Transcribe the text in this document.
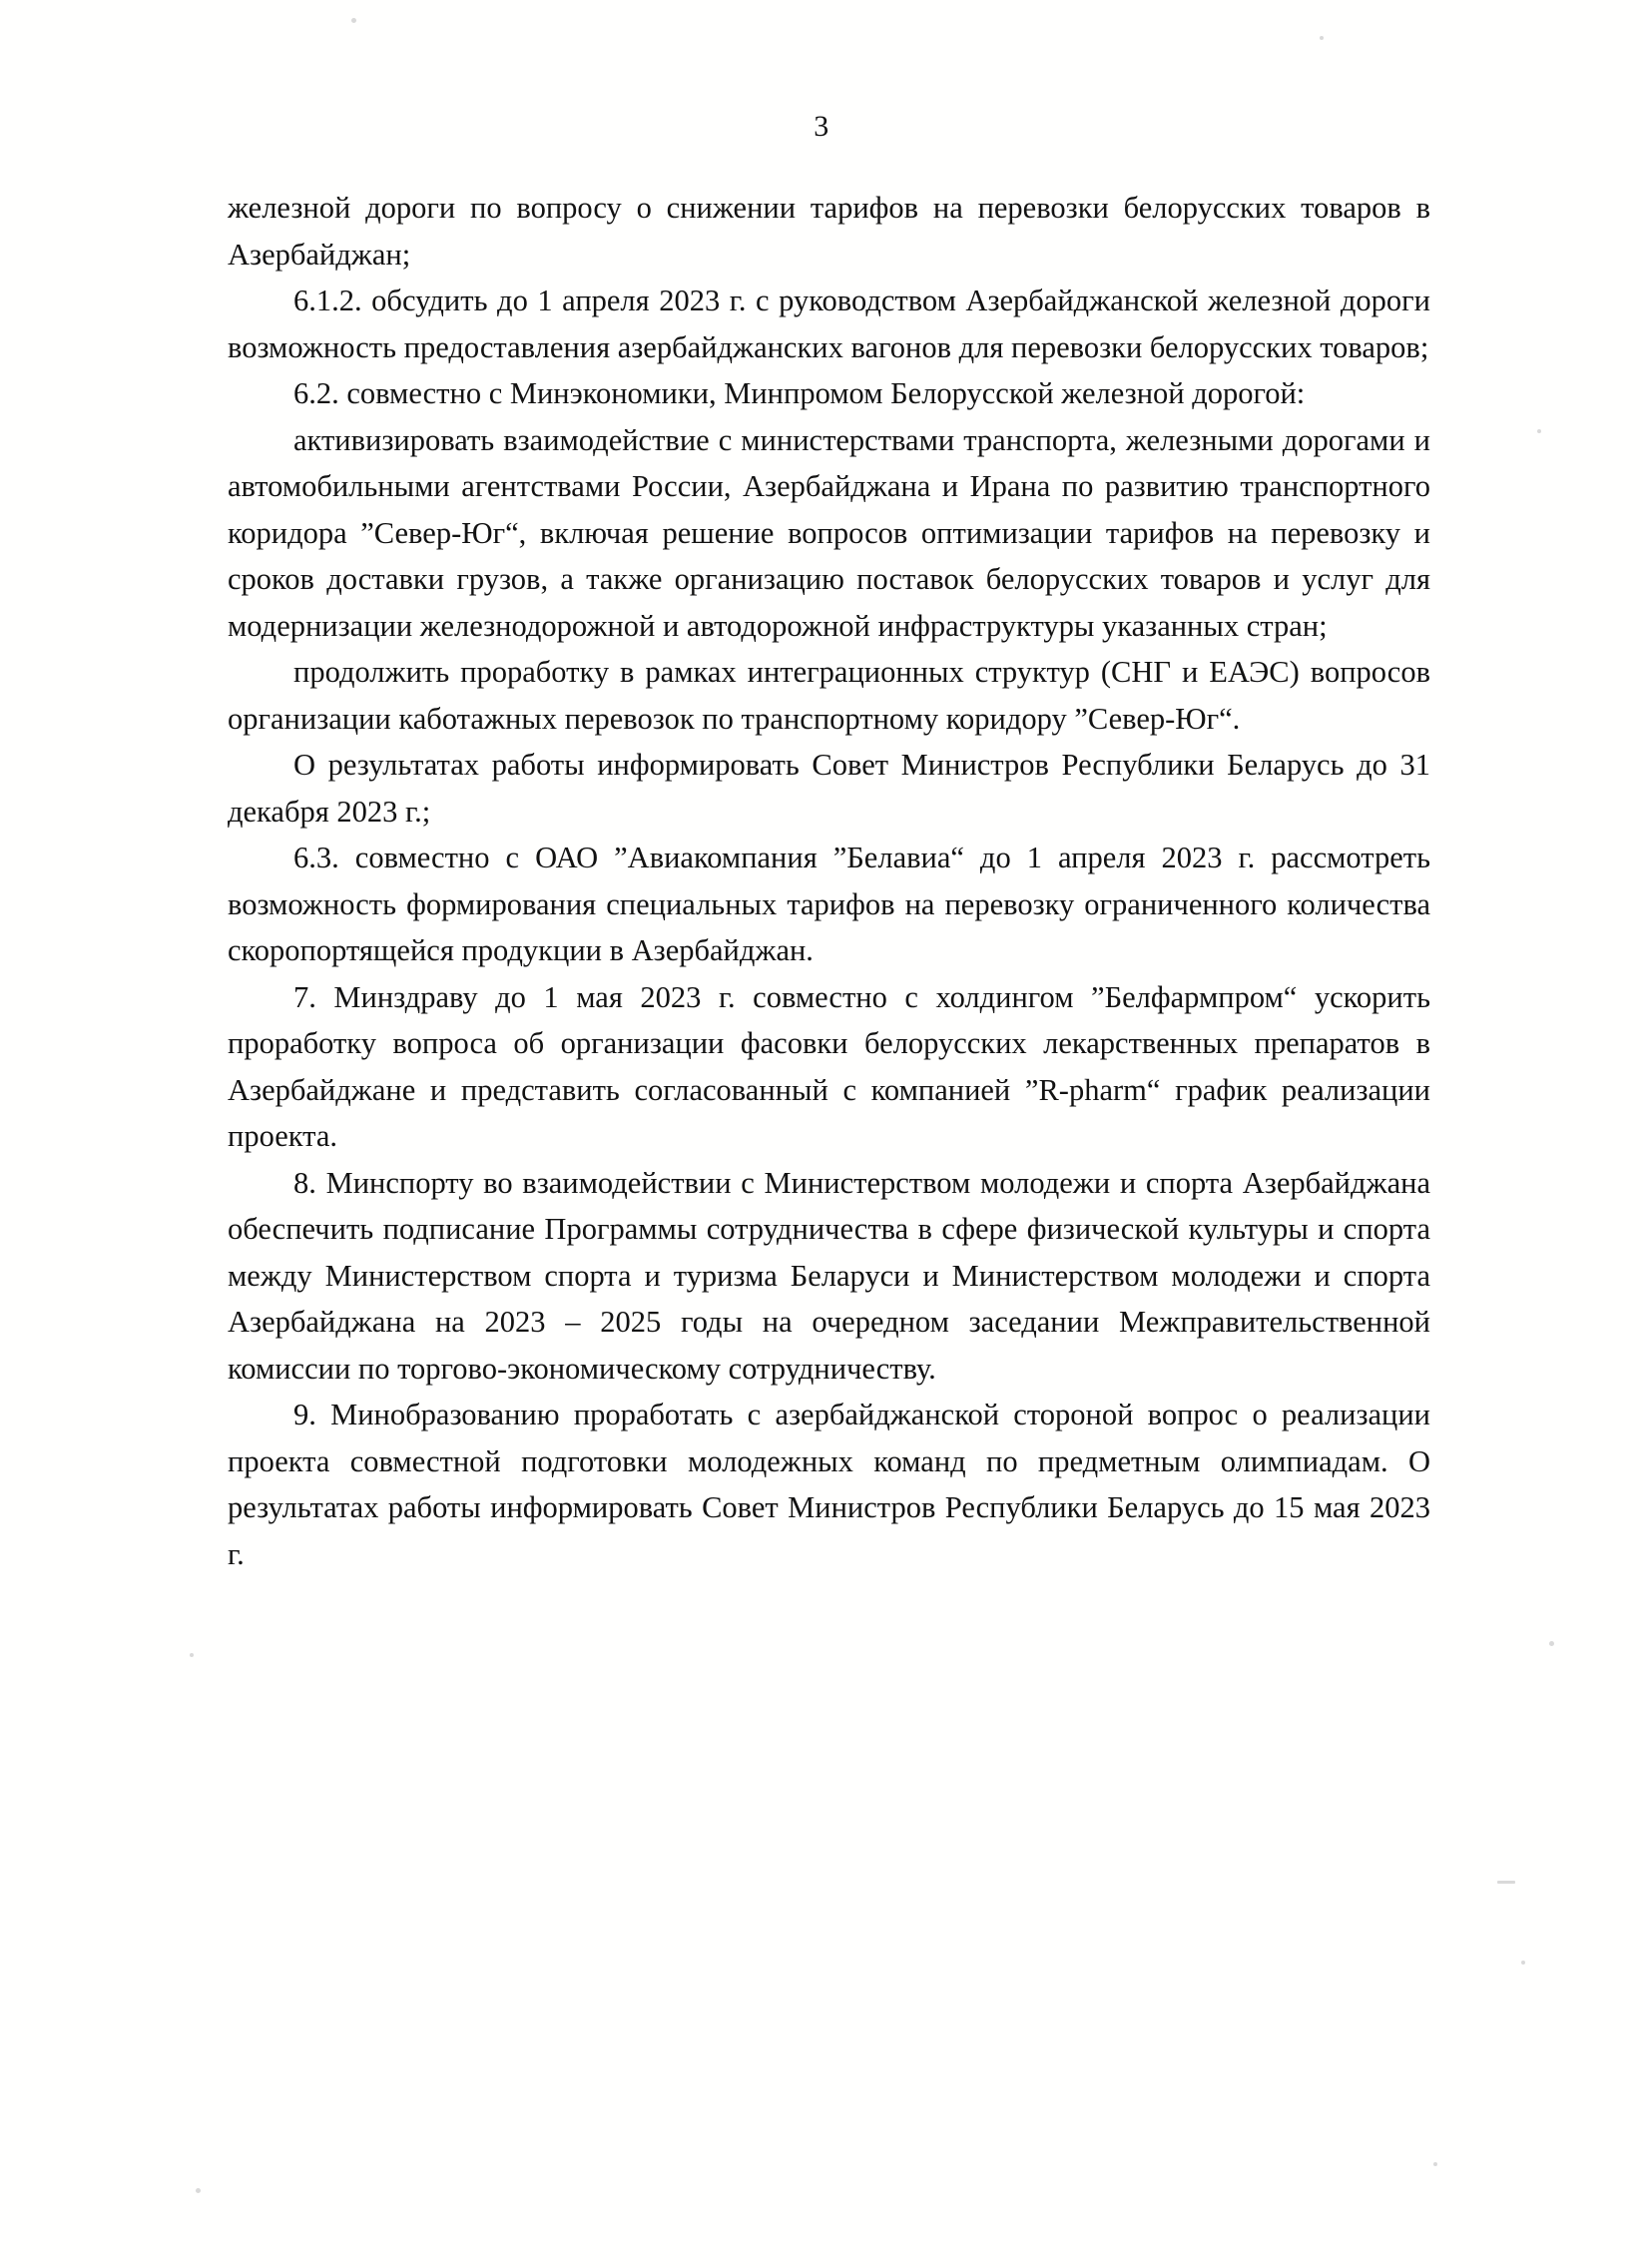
3

железной дороги по вопросу о снижении тарифов на перевозки белорусских товаров в Азербайджан;

6.1.2. обсудить до 1 апреля 2023 г. с руководством Азербайджанской железной дороги возможность предоставления азербайджанских вагонов для перевозки белорусских товаров;

6.2. совместно с Минэкономики, Минпромом Белорусской железной дорогой:

активизировать взаимодействие с министерствами транспорта, железными дорогами и автомобильными агентствами России, Азербайджана и Ирана по развитию транспортного коридора ”Север-Юг“, включая решение вопросов оптимизации тарифов на перевозку и сроков доставки грузов, а также организацию поставок белорусских товаров и услуг для модернизации железнодорожной и автодорожной инфраструктуры указанных стран;

продолжить проработку в рамках интеграционных структур (СНГ и ЕАЭС) вопросов организации каботажных перевозок по транспортному коридору ”Север-Юг“.

О результатах работы информировать Совет Министров Республики Беларусь до 31 декабря 2023 г.;

6.3. совместно с ОАО ”Авиакомпания ”Белавиа“ до 1 апреля 2023 г. рассмотреть возможность формирования специальных тарифов на перевозку ограниченного количества скоропортящейся продукции в Азербайджан.

7. Минздраву до 1 мая 2023 г. совместно с холдингом ”Белфармпром“ ускорить проработку вопроса об организации фасовки белорусских лекарственных препаратов в Азербайджане и представить согласованный с компанией ”R-pharm“ график реализации проекта.

8. Минспорту во взаимодействии с Министерством молодежи и спорта Азербайджана обеспечить подписание Программы сотрудничества в сфере физической культуры и спорта между Министерством спорта и туризма Беларуси и Министерством молодежи и спорта Азербайджана на 2023 – 2025 годы на очередном заседании Межправительственной комиссии по торгово-экономическому сотрудничеству.

9. Минобразованию проработать с азербайджанской стороной вопрос о реализации проекта совместной подготовки молодежных команд по предметным олимпиадам. О результатах работы информировать Совет Министров Республики Беларусь до 15 мая 2023 г.
